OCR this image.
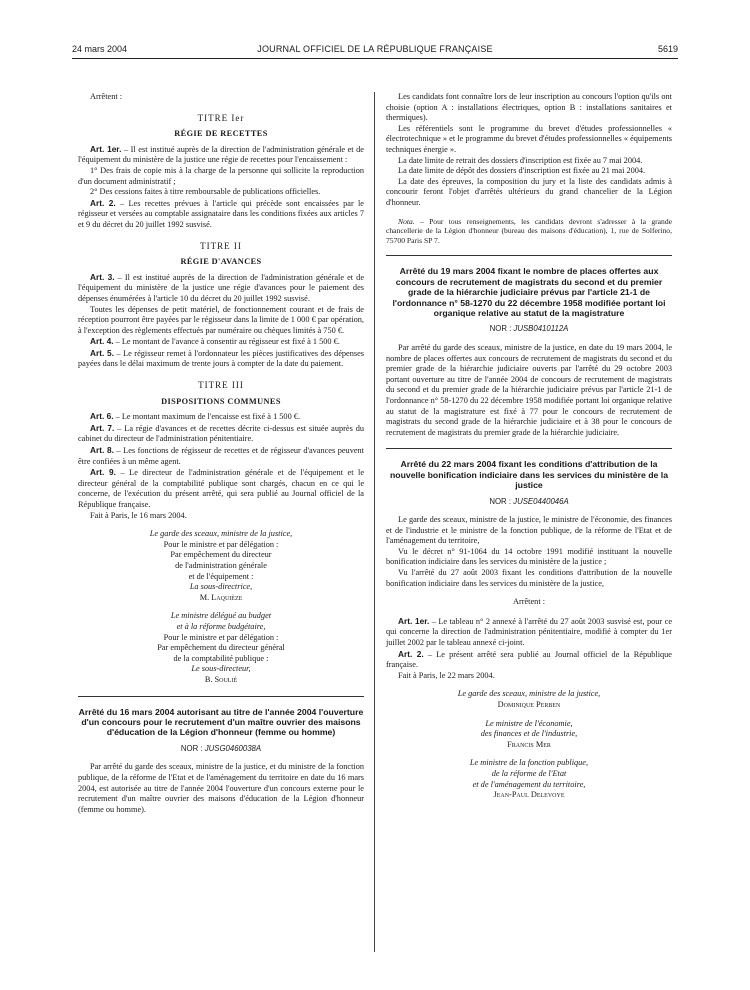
24 mars 2004	JOURNAL OFFICIEL DE LA RÉPUBLIQUE FRANÇAISE	5619

Arrêtent :

TITRE Ier
RÉGIE DE RECETTES

Art. 1er. – Il est institué auprès de la direction de l'administration générale et de l'équipement du ministère de la justice une régie de recettes pour l'encaissement :

1° Des frais de copie mis à la charge de la personne qui sollicite la reproduction d'un document administratif ;

2° Des cessions faites à titre remboursable de publications officielles.

Art. 2. – Les recettes prévues à l'article qui précède sont encaissées par le régisseur et versées au comptable assignataire dans les conditions fixées aux articles 7 et 9 du décret du 20 juillet 1992 susvisé.

TITRE II
RÉGIE D'AVANCES

Art. 3. – Il est institué auprès de la direction de l'administration générale et de l'équipement du ministère de la justice une régie d'avances pour le paiement des dépenses énumérées à l'article 10 du décret du 20 juillet 1992 susvisé.

Toutes les dépenses de petit matériel, de fonctionnement courant et de frais de réception pourront être payées par le régisseur dans la limite de 1 000 € par opération, à l'exception des règlements effectués par numéraire ou chèques limités à 750 €.

Art. 4. – Le montant de l'avance à consentir au régisseur est fixé à 1 500 €.

Art. 5. – Le régisseur remet à l'ordonnateur les pièces justificatives des dépenses payées dans le délai maximum de trente jours à compter de la date du paiement.

TITRE III
DISPOSITIONS COMMUNES

Art. 6. – Le montant maximum de l'encaisse est fixé à 1 500 €.

Art. 7. – La régie d'avances et de recettes décrite ci-dessus est située auprès du cabinet du directeur de l'administration pénitentiaire.

Art. 8. – Les fonctions de régisseur de recettes et de régisseur d'avances peuvent être confiées à un même agent.

Art. 9. – Le directeur de l'administration générale et de l'équipement et le directeur général de la comptabilité publique sont chargés, chacun en ce qui le concerne, de l'exécution du présent arrêté, qui sera publié au Journal officiel de la République française.

Fait à Paris, le 16 mars 2004.

Le garde des sceaux, ministre de la justice,
Pour le ministre et par délégation :
Par empêchement du directeur
de l'administration générale
et de l'équipement :
La sous-directrice,
M. Laquièze
Le ministre délégué au budget
et à la réforme budgétaire,
Pour le ministre et par délégation :
Par empêchement du directeur général
de la comptabilité publique :
Le sous-directeur,
B. Soulié
Arrêté du 16 mars 2004 autorisant au titre de l'année 2004 l'ouverture d'un concours pour le recrutement d'un maître ouvrier des maisons d'éducation de la Légion d'honneur (femme ou homme)
NOR : JUSG0460038A

Par arrêté du garde des sceaux, ministre de la justice, et du ministre de la fonction publique, de la réforme de l'Etat et de l'aménagement du territoire en date du 16 mars 2004, est autorisée au titre de l'année 2004 l'ouverture d'un concours externe pour le recrutement d'un maître ouvrier des maisons d'éducation de la Légion d'honneur (femme ou homme).

Les candidats font connaître lors de leur inscription au concours l'option qu'ils ont choisie (option A : installations électriques, option B : installations sanitaires et thermiques).

Les référentiels sont le programme du brevet d'études professionnelles « électrotechnique » et le programme du brevet d'études professionnelles « équipements techniques énergie ».

La date limite de retrait des dossiers d'inscription est fixée au 7 mai 2004.

La date limite de dépôt des dossiers d'inscription est fixée au 21 mai 2004.

La date des épreuves, la composition du jury et la liste des candidats admis à concourir feront l'objet d'arrêtés ultérieurs du grand chancelier de la Légion d'honneur.

Nota. – Pour tous renseignements, les candidats devront s'adresser à la grande chancellerie de la Légion d'honneur (bureau des maisons d'éducation), 1, rue de Solferino, 75700 Paris SP 7.

Arrêté du 19 mars 2004 fixant le nombre de places offertes aux concours de recrutement de magistrats du second et du premier grade de la hiérarchie judiciaire prévus par l'article 21-1 de l'ordonnance n° 58-1270 du 22 décembre 1958 modifiée portant loi organique relative au statut de la magistrature
NOR : JUSB0410112A

Par arrêté du garde des sceaux, ministre de la justice, en date du 19 mars 2004, le nombre de places offertes aux concours de recrutement de magistrats du second et du premier grade de la hiérarchie judiciaire ouverts par l'arrêté du 29 octobre 2003 portant ouverture au titre de l'année 2004 de concours de recrutement de magistrats du second et du premier grade de la hiérarchie judiciaire prévus par l'article 21-1 de l'ordonnance n° 58-1270 du 22 décembre 1958 modifiée portant loi organique relative au statut de la magistrature est fixé à 77 pour le concours de recrutement de magistrats du second grade de la hiérarchie judiciaire et à 38 pour le concours de recrutement de magistrats du premier grade de la hiérarchie judiciaire.

Arrêté du 22 mars 2004 fixant les conditions d'attribution de la nouvelle bonification indiciaire dans les services du ministère de la justice
NOR : JUSE0440046A

Le garde des sceaux, ministre de la justice, le ministre de l'économie, des finances et de l'industrie et le ministre de la fonction publique, de la réforme de l'Etat et de l'aménagement du territoire,

Vu le décret n° 91-1064 du 14 octobre 1991 modifié instituant la nouvelle bonification indiciaire dans les services du ministère de la justice ;

Vu l'arrêté du 27 août 2003 fixant les conditions d'attribution de la nouvelle bonification indiciaire dans les services du ministère de la justice,

Arrêtent :

Art. 1er. – Le tableau n° 2 annexé à l'arrêté du 27 août 2003 susvisé est, pour ce qui concerne la direction de l'administration pénitentiaire, modifié à compter du 1er juillet 2002 par le tableau annexé ci-joint.

Art. 2. – Le présent arrêté sera publié au Journal officiel de la République française.

Fait à Paris, le 22 mars 2004.

Le garde des sceaux, ministre de la justice,
Dominique Perben
Le ministre de l'économie,
des finances et de l'industrie,
Francis Mer
Le ministre de la fonction publique,
de la réforme de l'Etat
et de l'aménagement du territoire,
Jean-Paul Delevoye
